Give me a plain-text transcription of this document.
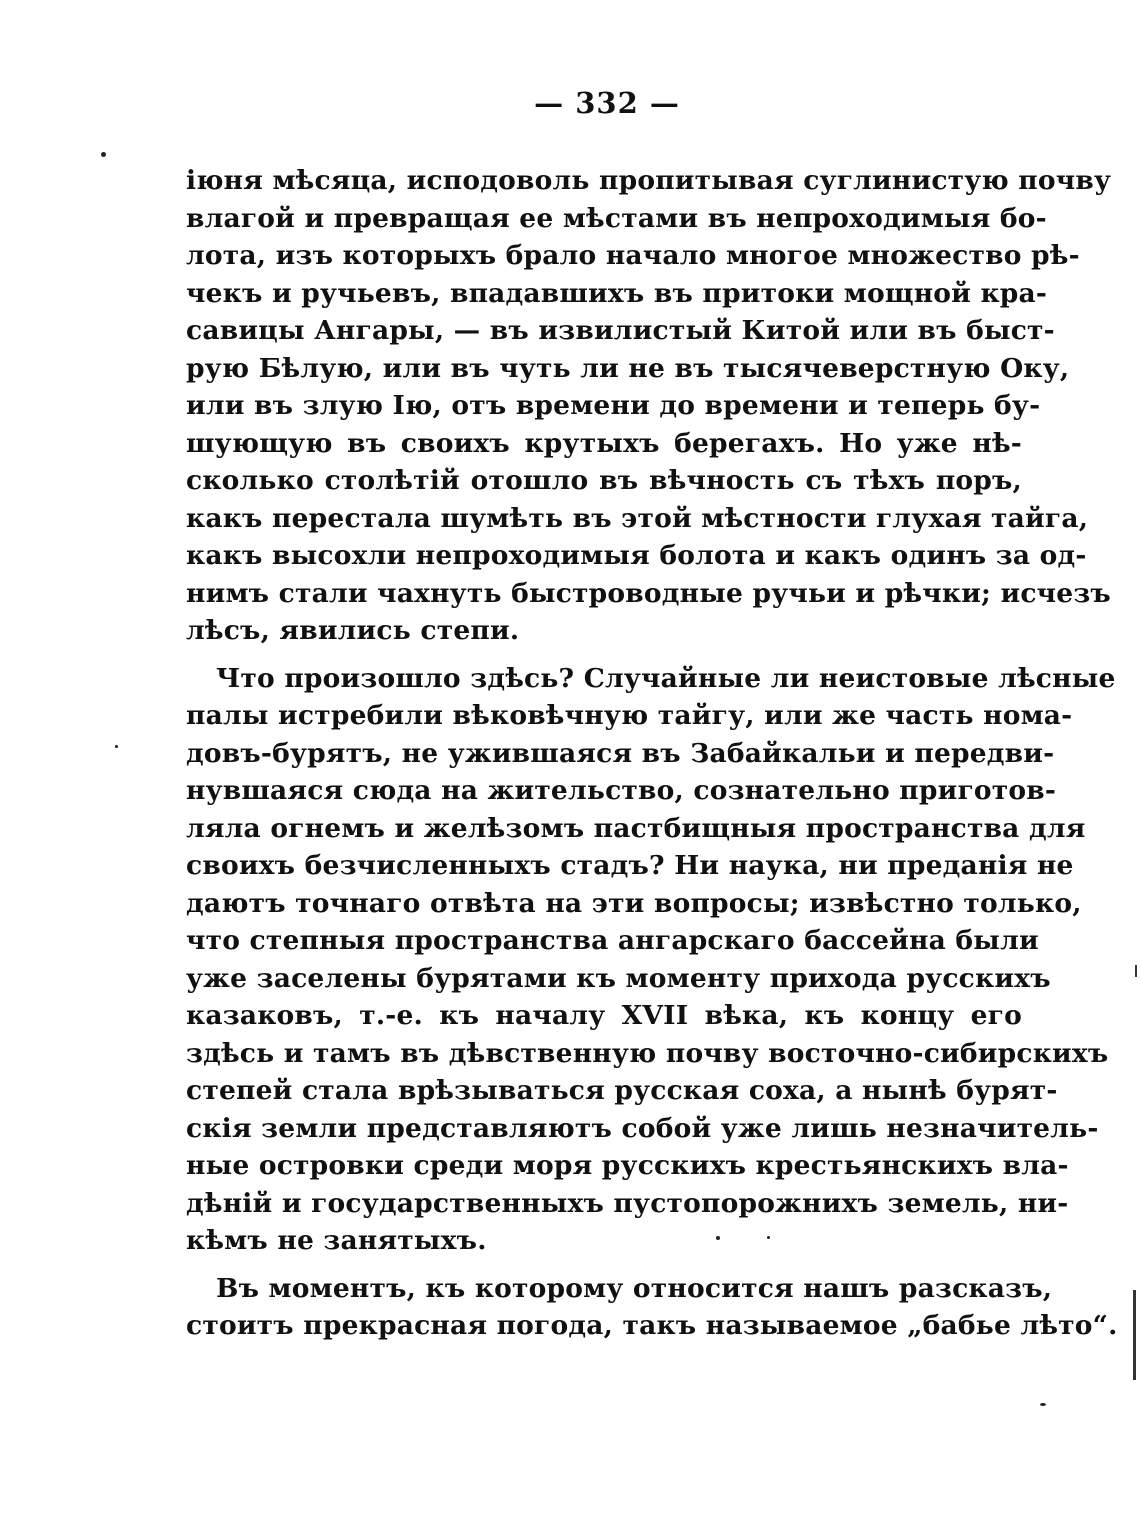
— 332 —
іюня мѣсяца, исподоволь пропитывая суглинистую почву
влагой и превращая ее мѣстами въ непроходимыя бо-
лота, изъ которыхъ брало начало многое множество рѣ-
чекъ и ручьевъ, впадавшихъ въ притоки мощной кра-
савицы Ангары, — въ извилистый Китой или въ быст-
рую Бѣлую, или въ чуть ли не въ тысячеверстную Оку,
или въ злую Ію, отъ времени до времени и теперь бу-
шующую въ своихъ крутыхъ берегахъ. Но уже нѣ-
сколько столѣтій отошло въ вѣчность съ тѣхъ поръ,
какъ перестала шумѣть въ этой мѣстности глухая тайга,
какъ высохли непроходимыя болота и какъ одинъ за од-
нимъ стали чахнуть быстроводные ручьи и рѣчки; исчезъ
лѣсъ, явились степи.
Что произошло здѣсь? Случайные ли неистовые лѣсные
палы истребили вѣковѣчную тайгу, или же часть нома-
довъ-бурятъ, не ужившаяся въ Забайкальи и передви-
нувшаяся сюда на жительство, сознательно приготов-
ляла огнемъ и желѣзомъ пастбищныя пространства для
своихъ безчисленныхъ стадъ? Ни наука, ни преданія не
даютъ точнаго отвѣта на эти вопросы; извѣстно только,
что степныя пространства ангарскаго бассейна были
уже заселены бурятами къ моменту прихода русскихъ
казаковъ, т.-е. къ началу XVII вѣка, къ концу его
здѣсь и тамъ въ дѣвственную почву восточно-сибирскихъ
степей стала врѣзываться русская соха, а нынѣ бурят-
скія земли представляютъ собой уже лишь незначитель-
ные островки среди моря русскихъ крестьянскихъ вла-
дѣній и государственныхъ пустопорожнихъ земель, ни-
кѣмъ не занятыхъ.
Въ моментъ, къ которому относится нашъ разсказъ,
стоитъ прекрасная погода, такъ называемое „бабье лѣто“.
